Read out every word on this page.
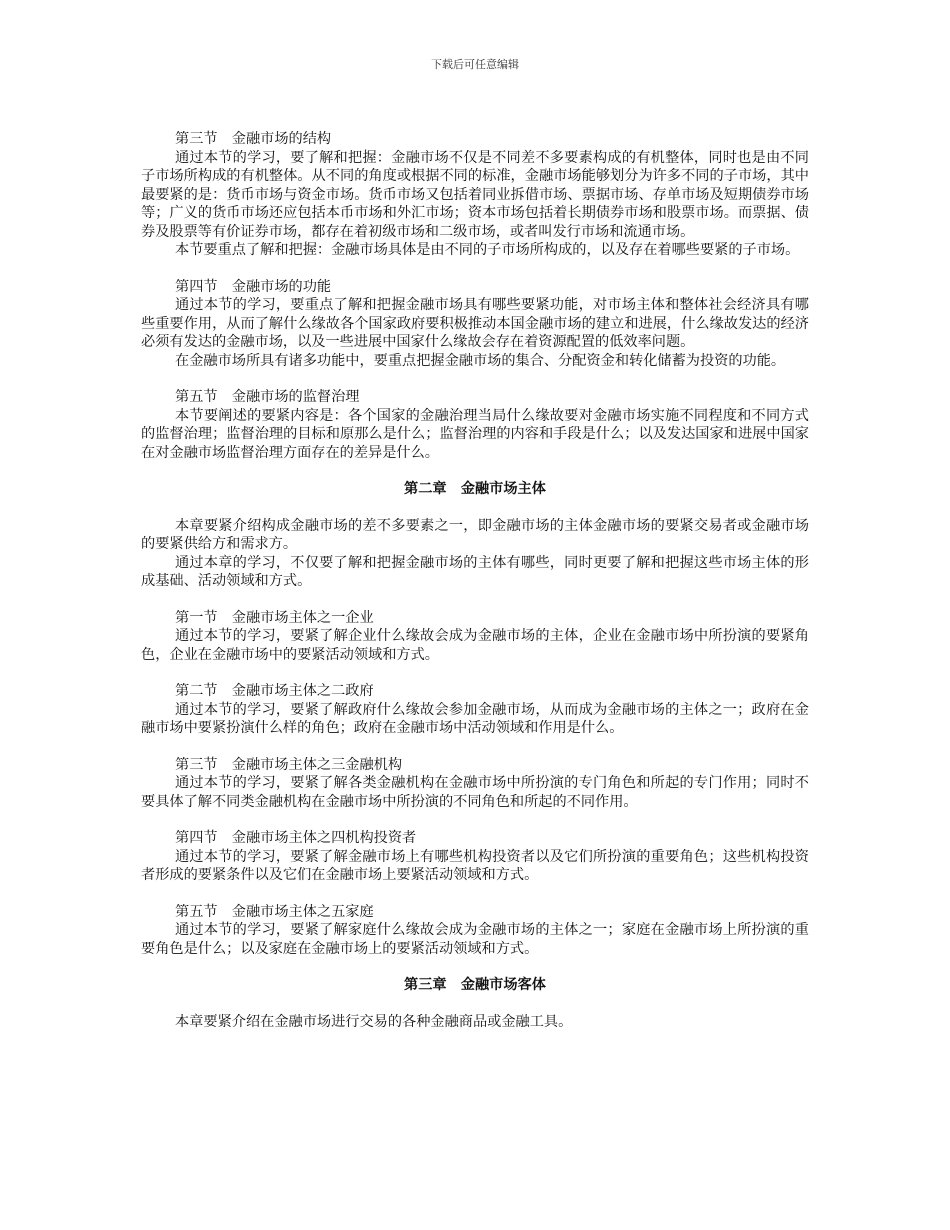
下载后可任意编辑

第三节　金融市场的结构

通过本节的学习，要了解和把握：金融市场不仅是不同差不多要素构成的有机整体，同时也是由不同子市场所构成的有机整体。从不同的角度或根据不同的标准，金融市场能够划分为许多不同的子市场，其中最要紧的是：货币市场与资金市场。货币市场又包括着同业拆借市场、票据市场、存单市场及短期债券市场等；广义的货币市场还应包括本币市场和外汇市场；资本市场包括着长期债券市场和股票市场。而票据、债券及股票等有价证券市场，都存在着初级市场和二级市场，或者叫发行市场和流通市场。

本节要重点了解和把握：金融市场具体是由不同的子市场所构成的，以及存在着哪些要紧的子市场。

第四节　金融市场的功能

通过本节的学习，要重点了解和把握金融市场具有哪些要紧功能，对市场主体和整体社会经济具有哪些重要作用，从而了解什么缘故各个国家政府要积极推动本国金融市场的建立和进展，什么缘故发达的经济必须有发达的金融市场，以及一些进展中国家什么缘故会存在着资源配置的低效率问题。

在金融市场所具有诸多功能中，要重点把握金融市场的集合、分配资金和转化储蓄为投资的功能。

第五节　金融市场的监督治理

本节要阐述的要紧内容是：各个国家的金融治理当局什么缘故要对金融市场实施不同程度和不同方式的监督治理；监督治理的目标和原那么是什么；监督治理的内容和手段是什么；以及发达国家和进展中国家在对金融市场监督治理方面存在的差异是什么。

第二章　金融市场主体

本章要紧介绍构成金融市场的差不多要素之一，即金融市场的主体金融市场的要紧交易者或金融市场的要紧供给方和需求方。

通过本章的学习，不仅要了解和把握金融市场的主体有哪些，同时更要了解和把握这些市场主体的形成基础、活动领域和方式。

第一节　金融市场主体之一企业

通过本节的学习，要紧了解企业什么缘故会成为金融市场的主体，企业在金融市场中所扮演的要紧角色，企业在金融市场中的要紧活动领域和方式。

第二节　金融市场主体之二政府

通过本节的学习，要紧了解政府什么缘故会参加金融市场，从而成为金融市场的主体之一；政府在金融市场中要紧扮演什么样的角色；政府在金融市场中活动领域和作用是什么。

第三节　金融市场主体之三金融机构

通过本节的学习，要紧了解各类金融机构在金融市场中所扮演的专门角色和所起的专门作用；同时不要具体了解不同类金融机构在金融市场中所扮演的不同角色和所起的不同作用。

第四节　金融市场主体之四机构投资者

通过本节的学习，要紧了解金融市场上有哪些机构投资者以及它们所扮演的重要角色；这些机构投资者形成的要紧条件以及它们在金融市场上要紧活动领域和方式。

第五节　金融市场主体之五家庭

通过本节的学习，要紧了解家庭什么缘故会成为金融市场的主体之一；家庭在金融市场上所扮演的重要角色是什么；以及家庭在金融市场上的要紧活动领域和方式。

第三章　金融市场客体

本章要紧介绍在金融市场进行交易的各种金融商品或金融工具。
